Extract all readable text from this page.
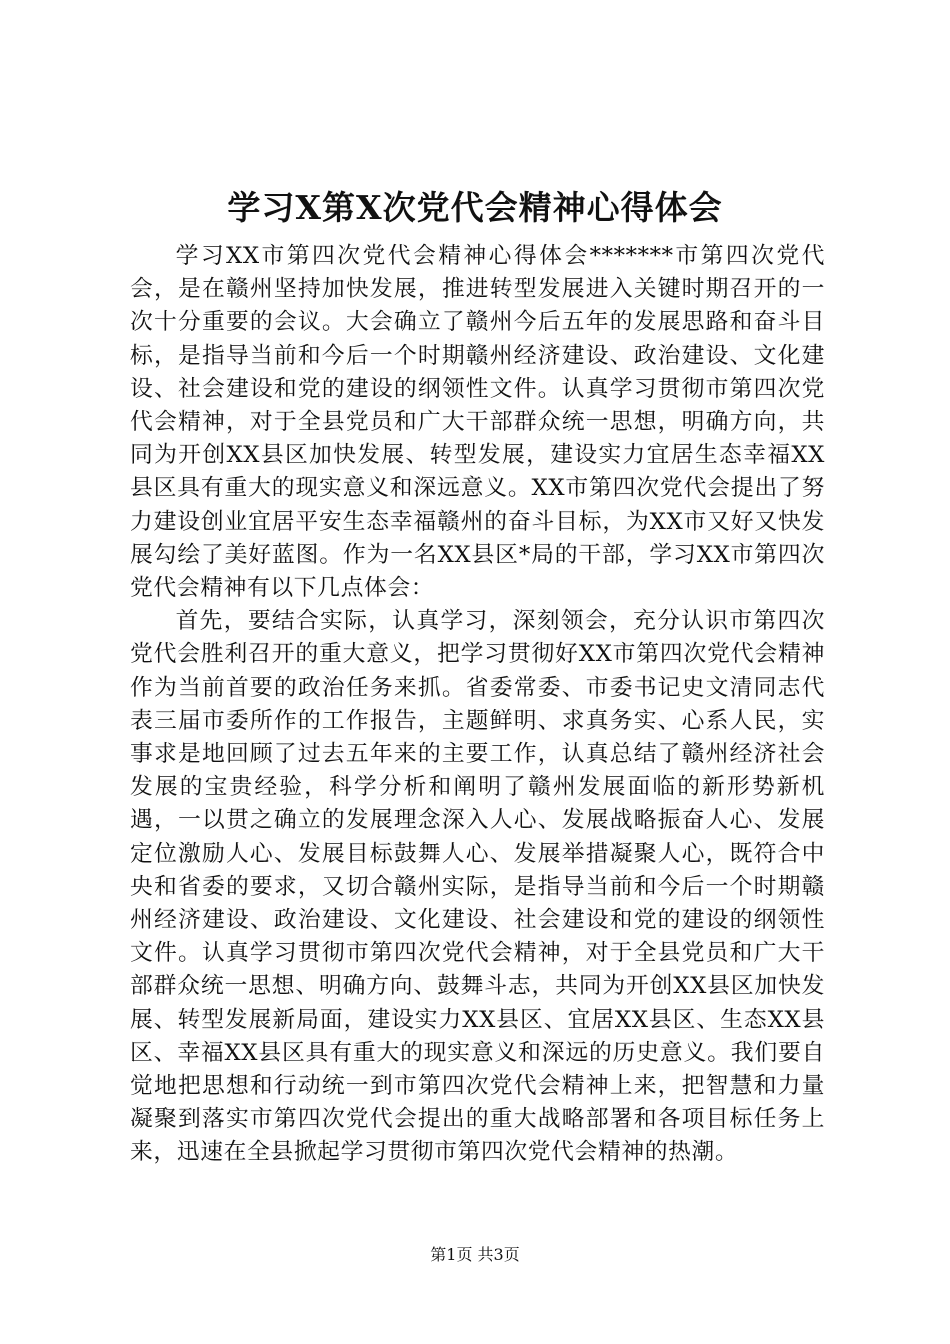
学习X第X次党代会精神心得体会

学习XX市第四次党代会精神心得体会*******市第四次党代会，是在赣州坚持加快发展，推进转型发展进入关键时期召开的一次十分重要的会议。大会确立了赣州今后五年的发展思路和奋斗目标，是指导当前和今后一个时期赣州经济建设、政治建设、文化建设、社会建设和党的建设的纲领性文件。认真学习贯彻市第四次党代会精神，对于全县党员和广大干部群众统一思想，明确方向，共同为开创XX县区加快发展、转型发展，建设实力宜居生态幸福XX县区具有重大的现实意义和深远意义。XX市第四次党代会提出了努力建设创业宜居平安生态幸福赣州的奋斗目标，为XX市又好又快发展勾绘了美好蓝图。作为一名XX县区*局的干部，学习XX市第四次党代会精神有以下几点体会：

首先，要结合实际，认真学习，深刻领会，充分认识市第四次党代会胜利召开的重大意义，把学习贯彻好XX市第四次党代会精神作为当前首要的政治任务来抓。省委常委、市委书记史文清同志代表三届市委所作的工作报告，主题鲜明、求真务实、心系人民，实事求是地回顾了过去五年来的主要工作，认真总结了赣州经济社会发展的宝贵经验，科学分析和阐明了赣州发展面临的新形势新机遇，一以贯之确立的发展理念深入人心、发展战略振奋人心、发展定位激励人心、发展目标鼓舞人心、发展举措凝聚人心，既符合中央和省委的要求，又切合赣州实际，是指导当前和今后一个时期赣州经济建设、政治建设、文化建设、社会建设和党的建设的纲领性文件。认真学习贯彻市第四次党代会精神，对于全县党员和广大干部群众统一思想、明确方向、鼓舞斗志，共同为开创XX县区加快发展、转型发展新局面，建设实力XX县区、宜居XX县区、生态XX县区、幸福XX县区具有重大的现实意义和深远的历史意义。我们要自觉地把思想和行动统一到市第四次党代会精神上来，把智慧和力量凝聚到落实市第四次党代会提出的重大战略部署和各项目标任务上来，迅速在全县掀起学习贯彻市第四次党代会精神的热潮。

第1页 共3页
